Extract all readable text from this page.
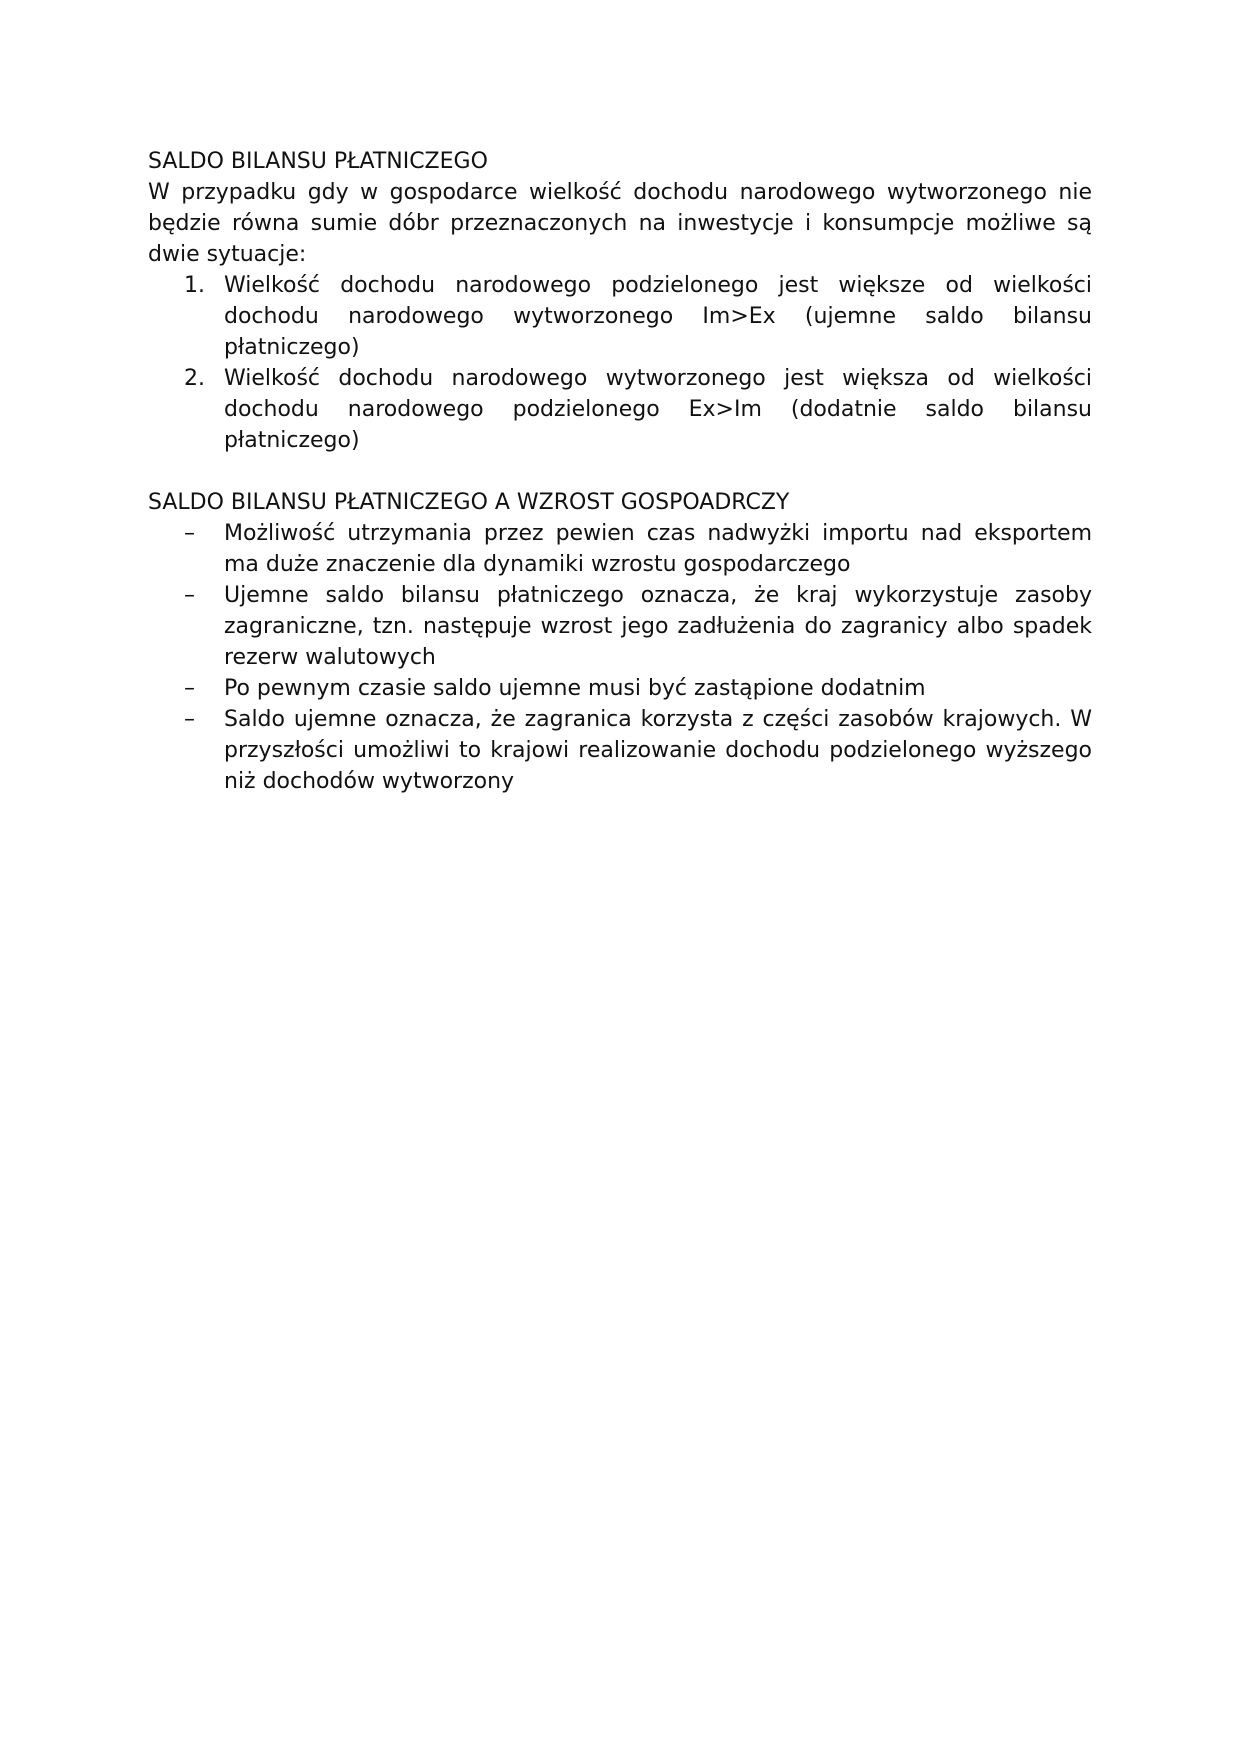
SALDO BILANSU PŁATNICZEGO

W przypadku gdy w gospodarce wielkość dochodu narodowego wytworzonego nie będzie równa sumie dóbr przeznaczonych na inwestycje i konsumpcje możliwe są dwie sytuacje:

1. Wielkość dochodu narodowego podzielonego jest większe od wielkości dochodu narodowego wytworzonego Im>Ex (ujemne saldo bilansu płatniczego)
2. Wielkość dochodu narodowego wytworzonego jest większa od wielkości dochodu narodowego podzielonego Ex>Im (dodatnie saldo bilansu płatniczego)

SALDO BILANSU PŁATNICZEGO A WZROST GOSPOADRCZY

–	Możliwość utrzymania przez pewien czas nadwyżki importu nad eksportem ma duże znaczenie dla dynamiki wzrostu gospodarczego
–	Ujemne saldo bilansu płatniczego oznacza, że kraj wykorzystuje zasoby zagraniczne, tzn. następuje wzrost jego zadłużenia do zagranicy albo spadek rezerw walutowych
–	Po pewnym czasie saldo ujemne musi być zastąpione dodatnim
–	Saldo ujemne oznacza, że zagranica korzysta z części zasobów krajowych. W przyszłości umożliwi to krajowi realizowanie dochodu podzielonego wyższego niż dochodów wytworzony
